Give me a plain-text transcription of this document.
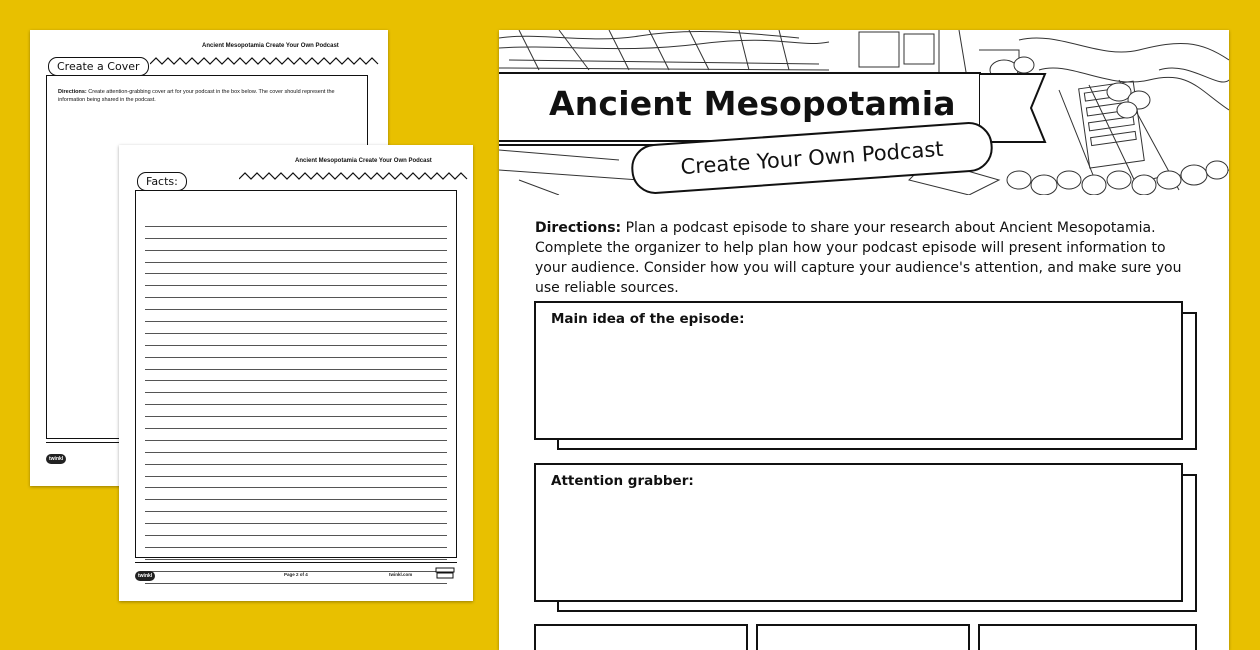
Ancient Mesopotamia Create Your Own Podcast
Create a Cover
Directions: Create attention-grabbing cover art for your podcast in the box below. The cover should represent the information being shared in the podcast.
twinkl
Ancient Mesopotamia Create Your Own Podcast
Facts:
twinkl	Page 2 of 4	twinkl.com
Ancient Mesopotamia
Create Your Own Podcast
Directions: Plan a podcast episode to share your research about Ancient Mesopotamia. Complete the organizer to help plan how your podcast episode will present information to your audience. Consider how you will capture your audience's attention, and make sure you use reliable sources.
Main idea of the episode:
Attention grabber:
